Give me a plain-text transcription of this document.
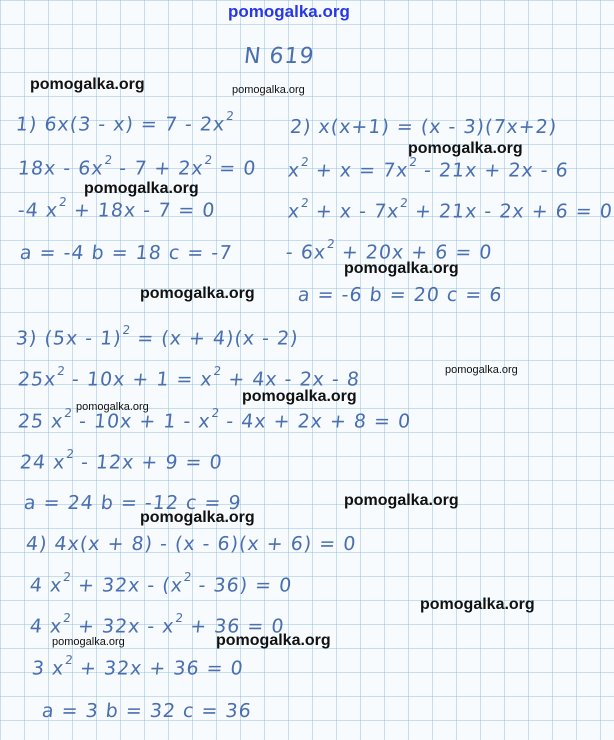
pomogalka.org
pomogalka.org	pomogalka.org
pomogalka.org
pomogalka.org
pomogalka.org
pomogalka.org
pomogalka.org
pomogalka.org
pomogalka.org
pomogalka.org
pomogalka.org
pomogalka.org
pomogalka.org
pomogalka.org
N 619
1) $6x(3 - x) = 7 - 2x^2$
$18x - 6x^2 - 7 + 2x^2 = 0$
-4 $x^2 + 18x - 7 = 0$
a = -4 b = 18 c = -7
2) x(x+1) = (x - 3)(7x+2)
$x^2 + x = 7x^2 - 21x + 2x - 6$
$x^2 + x - 7x^2 + 21x - 2x + 6 = 0$
- $6x^2 + 20x + 6 = 0$
a = -6 b = 20 c = 6
3) (5x - 1)$^2$ = (x + 4)(x - 2)
$25x^2 - 10x + 1 = x^2 + 4x - 2x - 8$
25 $x^2 - 10x + 1 - x^2 - 4x + 2x + 8 = 0$
24 $x^2 - 12x + 9 = 0$
a = 24 b = -12 c = 9
4) 4x(x + 8) - (x - 6)(x + 6) = 0
4 $x^2 + 32x - (x^2 - 36) = 0$
4 $x^2 + 32x - x^2 + 36 = 0$
3 $x^2 + 32x + 36 = 0$
a = 3 b = 32 c = 36
